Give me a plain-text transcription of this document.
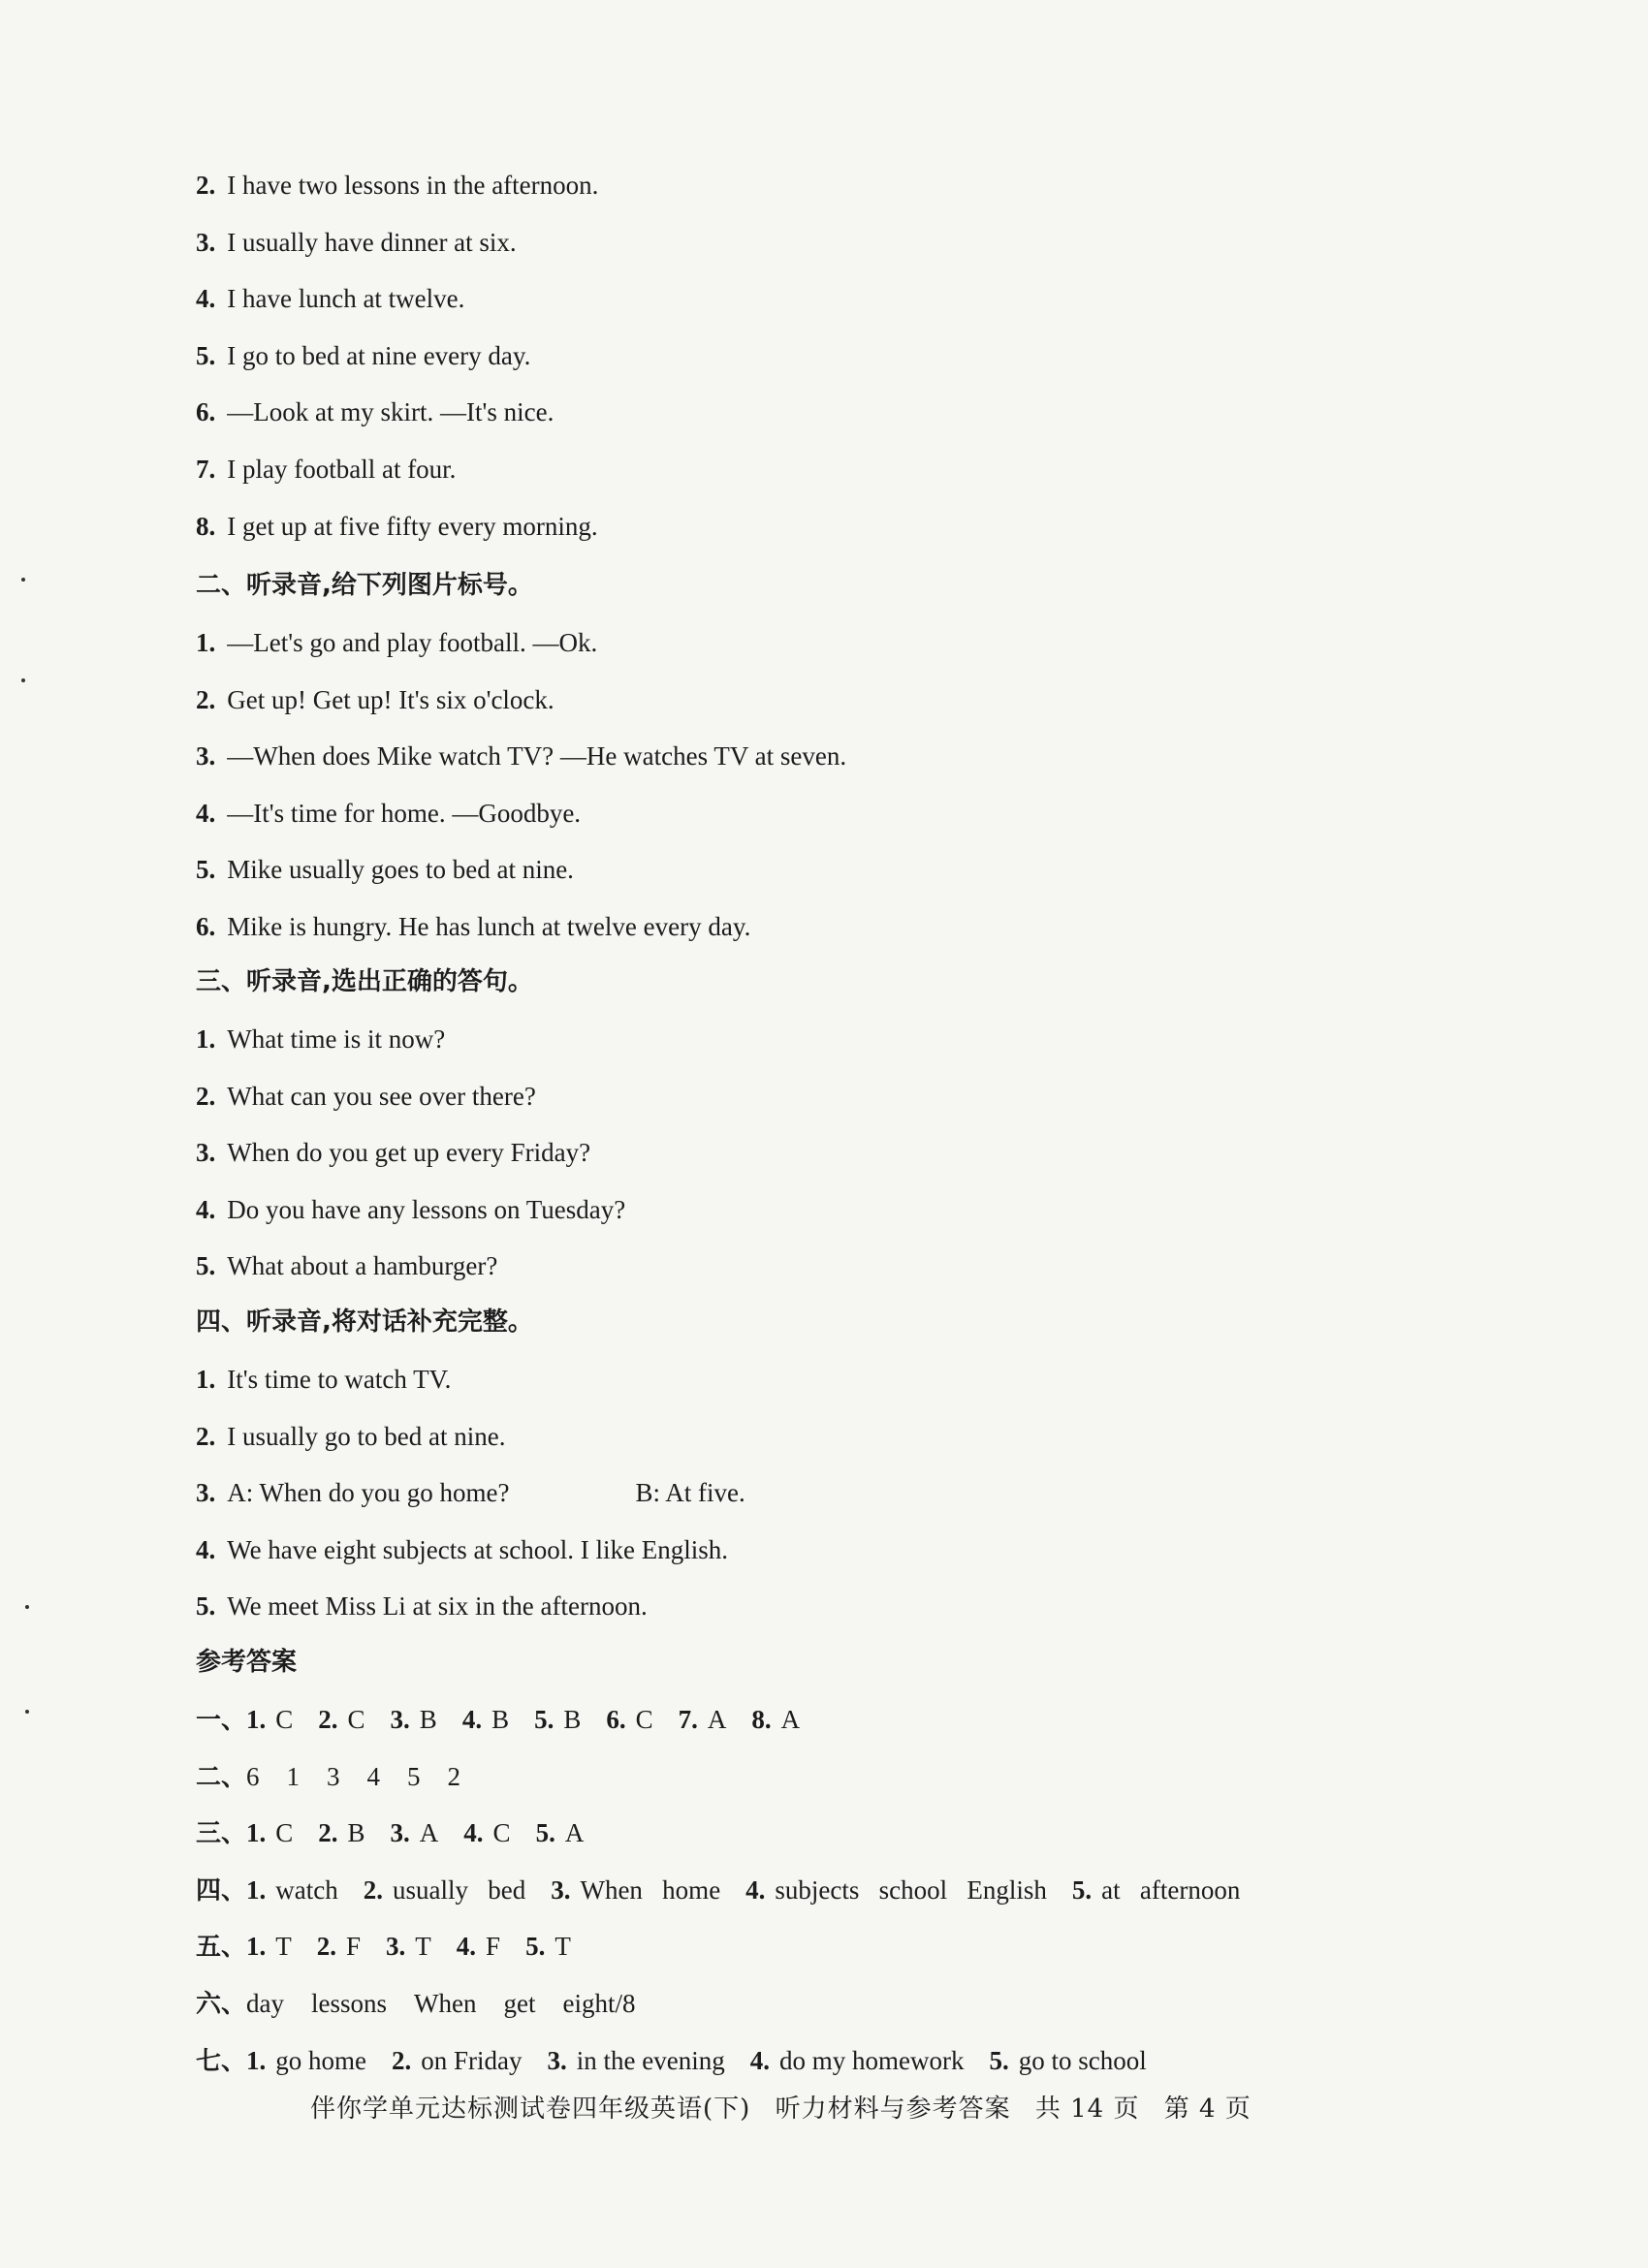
2. I have two lessons in the afternoon.
3. I usually have dinner at six.
4. I have lunch at twelve.
5. I go to bed at nine every day.
6. —Look at my skirt. —It's nice.
7. I play football at four.
8. I get up at five fifty every morning.
二、听录音,给下列图片标号。
1. —Let's go and play football. —Ok.
2. Get up! Get up! It's six o'clock.
3. —When does Mike watch TV? —He watches TV at seven.
4. —It's time for home. —Goodbye.
5. Mike usually goes to bed at nine.
6. Mike is hungry. He has lunch at twelve every day.
三、听录音,选出正确的答句。
1. What time is it now?
2. What can you see over there?
3. When do you get up every Friday?
4. Do you have any lessons on Tuesday?
5. What about a hamburger?
四、听录音,将对话补充完整。
1. It's time to watch TV.
2. I usually go to bed at nine.
3. A: When do you go home?	B: At five.
4. We have eight subjects at school. I like English.
5. We meet Miss Li at six in the afternoon.
参考答案
一、1. C 2. C 3. B 4. B 5. B 6. C 7. A 8. A
二、6 1 3 4 5 2
三、1. C 2. B 3. A 4. C 5. A
四、1. watch 2. usually   bed 3. When   home 4. subjects   school   English 5. at   afternoon
五、1. T 2. F 3. T 4. F 5. T
六、day lessons When get eight/8
七、1. go home 2. on Friday 3. in the evening 4. do my homework 5. go to school
伴你学单元达标测试卷四年级英语(下) 听力材料与参考答案 共 14 页 第 4 页
